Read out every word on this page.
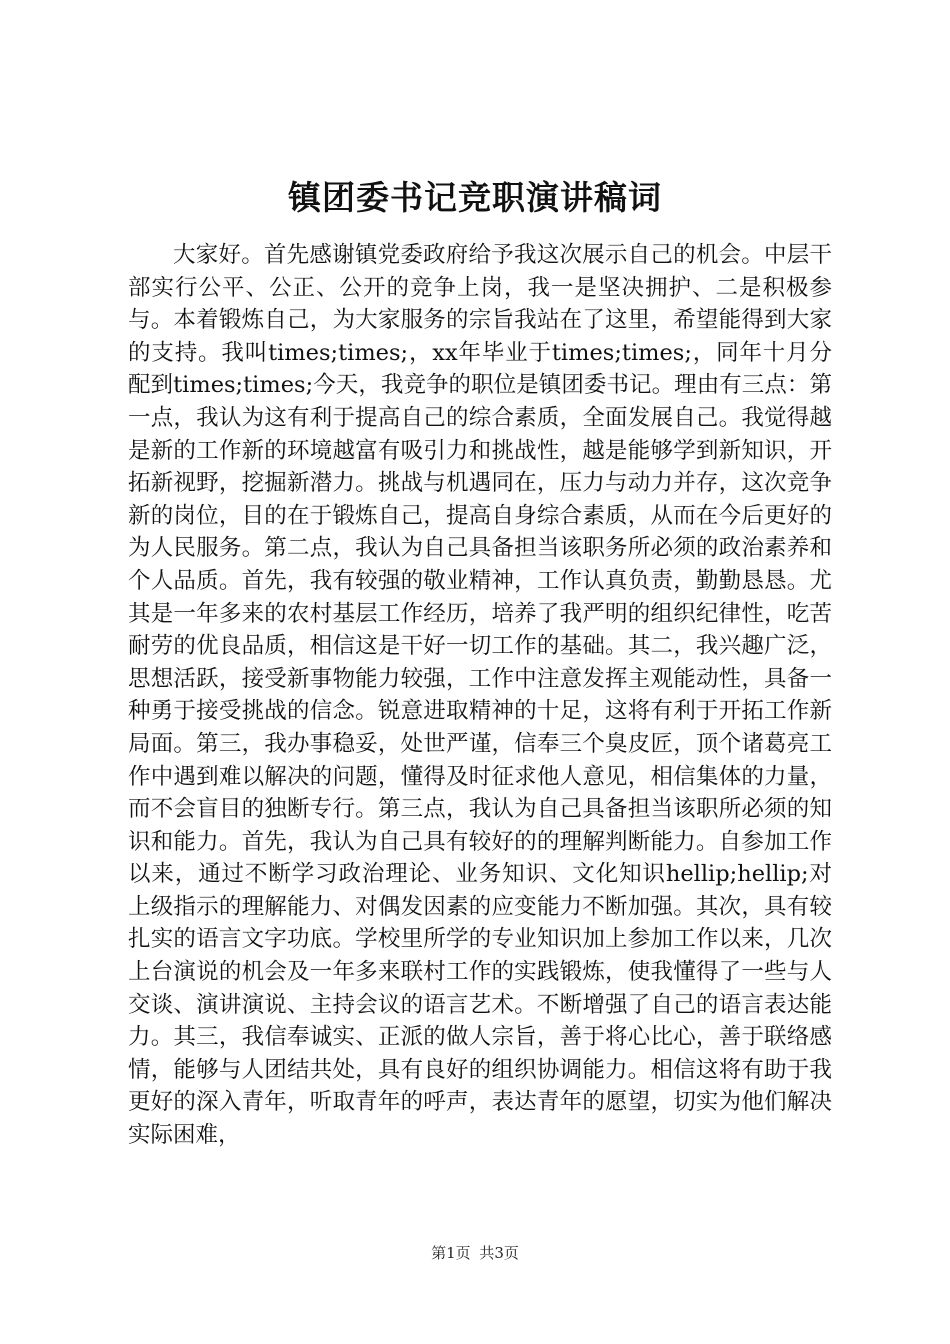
镇团委书记竞职演讲稿词

大家好。首先感谢镇党委政府给予我这次展示自己的机会。中层干部实行公平、公正、公开的竞争上岗，我一是坚决拥护、二是积极参与。本着锻炼自己，为大家服务的宗旨我站在了这里，希望能得到大家的支持。我叫times;times;，xx年毕业于times;times;，同年十月分配到times;times;今天，我竞争的职位是镇团委书记。理由有三点：第一点，我认为这有利于提高自己的综合素质，全面发展自己。我觉得越是新的工作新的环境越富有吸引力和挑战性，越是能够学到新知识，开拓新视野，挖掘新潜力。挑战与机遇同在，压力与动力并存，这次竞争新的岗位，目的在于锻炼自己，提高自身综合素质，从而在今后更好的为人民服务。第二点，我认为自己具备担当该职务所必须的政治素养和个人品质。首先，我有较强的敬业精神，工作认真负责，勤勤恳恳。尤其是一年多来的农村基层工作经历，培养了我严明的组织纪律性，吃苦耐劳的优良品质，相信这是干好一切工作的基础。其二，我兴趣广泛，思想活跃，接受新事物能力较强，工作中注意发挥主观能动性，具备一种勇于接受挑战的信念。锐意进取精神的十足，这将有利于开拓工作新局面。第三，我办事稳妥，处世严谨，信奉三个臭皮匠，顶个诸葛亮工作中遇到难以解决的问题，懂得及时征求他人意见，相信集体的力量，而不会盲目的独断专行。第三点，我认为自己具备担当该职所必须的知识和能力。首先，我认为自己具有较好的的理解判断能力。自参加工作以来，通过不断学习政治理论、业务知识、文化知识hellip;hellip;对上级指示的理解能力、对偶发因素的应变能力不断加强。其次，具有较扎实的语言文字功底。学校里所学的专业知识加上参加工作以来，几次上台演说的机会及一年多来联村工作的实践锻炼，使我懂得了一些与人交谈、演讲演说、主持会议的语言艺术。不断增强了自己的语言表达能力。其三，我信奉诚实、正派的做人宗旨，善于将心比心，善于联络感情，能够与人团结共处，具有良好的组织协调能力。相信这将有助于我更好的深入青年，听取青年的呼声，表达青年的愿望，切实为他们解决实际困难，

第1页 共3页
